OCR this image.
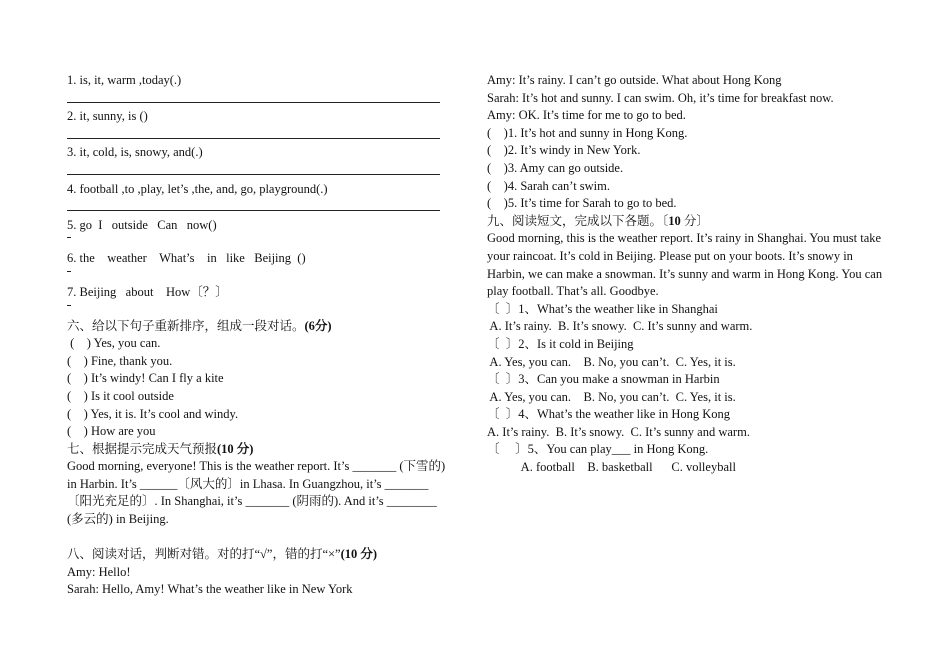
1. is, it, warm ,today(.)
2. it, sunny, is ()
3. it, cold, is, snowy, and(.)
4. football ,to ,play, let’s ,the, and, go, playground(.)
5. go  I   outside   Can   now()
6. the    weather    What’s    in   like   Beijing  ()
7. Beijing   about    How〔？〕
六、给以下句子重新排序，组成一段对话。(6分)
(    ) Yes, you can.
(    ) Fine, thank you.
(    ) It’s windy! Can I fly a kite
(    ) Is it cool outside
(    ) Yes, it is. It’s cool and windy.
(    ) How are you
七、根据提示完成天气预报(10 分)
Good morning, everyone! This is the weather report. It’s _______ (下雪的) in Harbin. It’s ______〔风大的〕in Lhasa. In Guangzhou, it’s _______〔阳光充足的〕. In Shanghai, it’s _______ (阴雨的). And it’s ________ (多云的) in Beijing.
八、阅读对话，判断对错。对的打“√”，错的打“×”(10 分)
Amy: Hello!
Sarah: Hello, Amy! What’s the weather like in New York
Amy: It’s rainy. I can’t go outside. What about Hong Kong
Sarah: It’s hot and sunny. I can swim. Oh, it’s time for breakfast now.
Amy: OK. It’s time for me to go to bed.
(    )1. It’s hot and sunny in Hong Kong.
(    )2. It’s windy in New York.
(    )3. Amy can go outside.
(    )4. Sarah can’t swim.
(    )5. It’s time for Sarah to go to bed.
九、阅读短文，完成以下各题。〔10 分〕
Good morning, this is the weather report. It’s rainy in Shanghai. You must take your raincoat. It’s cold in Beijing. Please put on your boots. It’s snowy in Harbin, we can make a snowman. It’s sunny and warm in Hong Kong. You can play football. That’s all. Goodbye.
〔  〕1、What’s the weather like in Shanghai
A. It’s rainy.  B. It’s snowy.  C. It’s sunny and warm.
〔  〕2、Is it cold in Beijing
A. Yes, you can.    B. No, you can’t.  C. Yes, it is.
〔  〕3、Can you make a snowman in Harbin
A. Yes, you can.    B. No, you can’t.  C. Yes, it is.
〔  〕4、What’s the weather like in Hong Kong
A. It’s rainy.  B. It’s snowy.  C. It’s sunny and warm.
〔     〕5、You can play___ in Hong Kong.
A. football    B. basketball      C. volleyball
